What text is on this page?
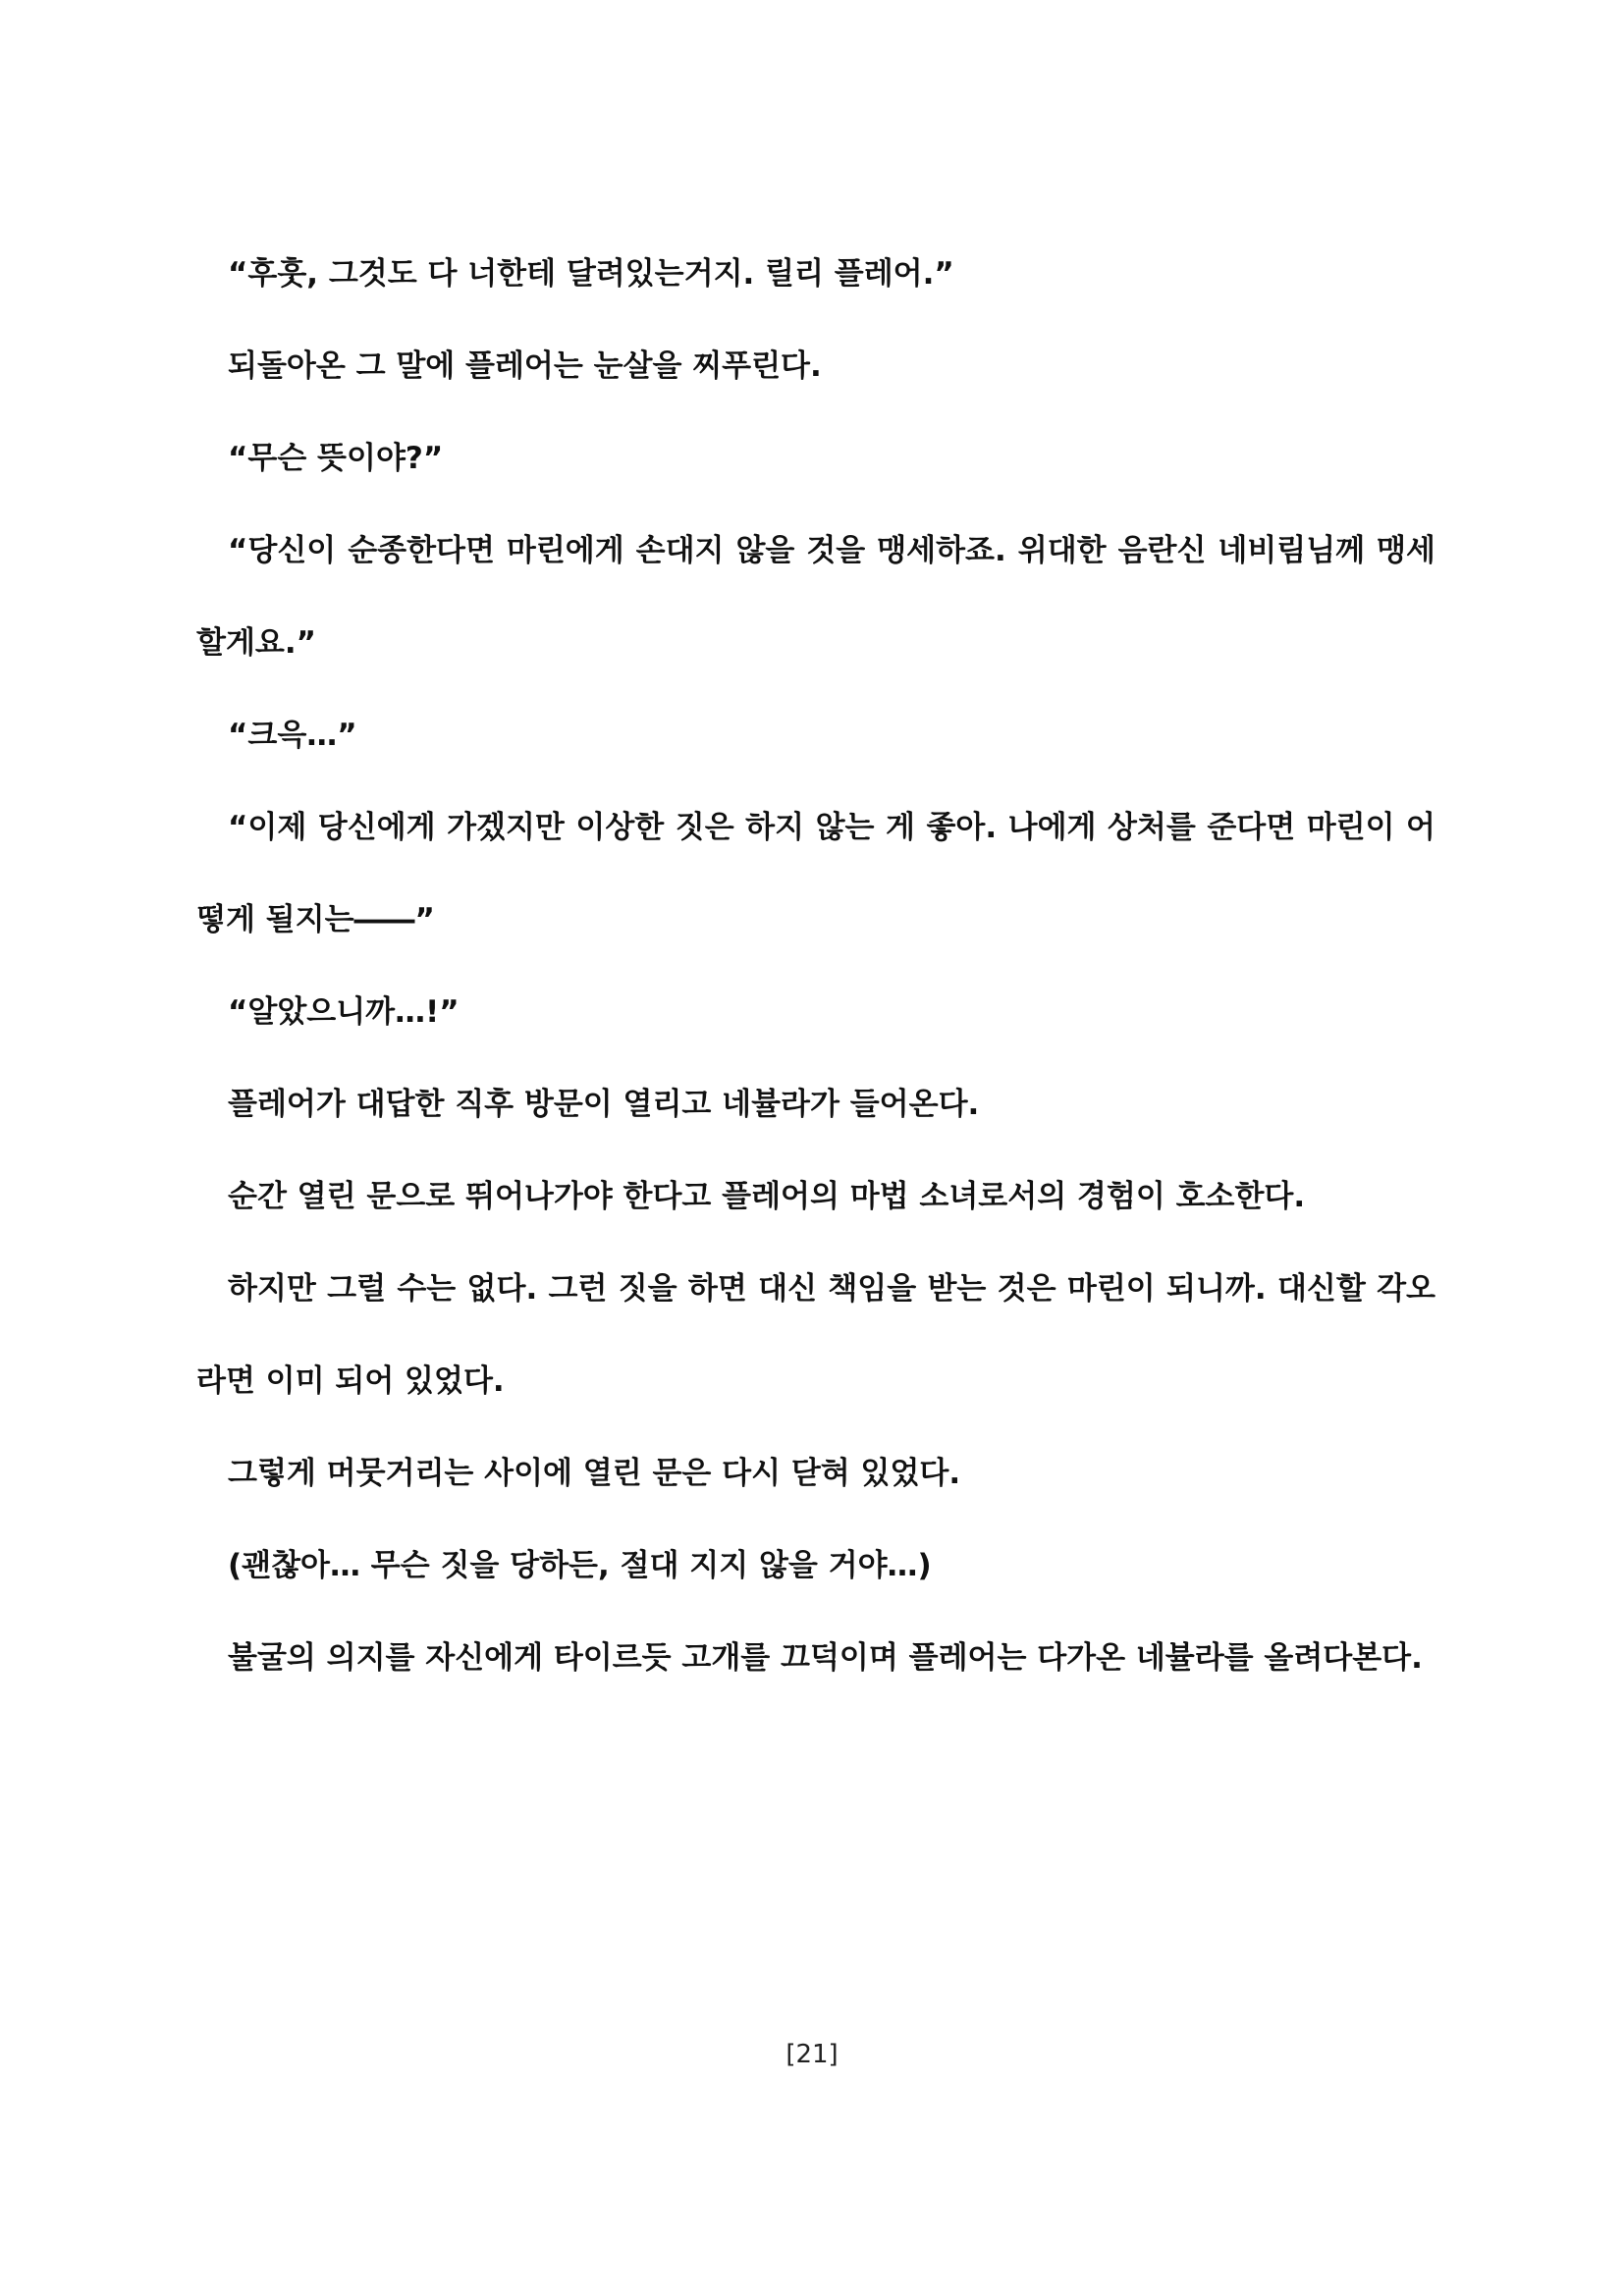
“후훗, 그것도 다 너한테 달려있는거지. 릴리 플레어.”

되돌아온 그 말에 플레어는 눈살을 찌푸린다.

“무슨 뜻이야?”

“당신이 순종한다면 마린에게 손대지 않을 것을 맹세하죠. 위대한 음란신 네비림님께 맹세할게요.”

“크윽…”

“이제 당신에게 가겠지만 이상한 짓은 하지 않는 게 좋아. 나에게 상처를 준다면 마린이 어떻게 될지는――”

“알았으니까…!”

플레어가 대답한 직후 방문이 열리고 네뷸라가 들어온다.

순간 열린 문으로 뛰어나가야 한다고 플레어의 마법 소녀로서의 경험이 호소한다.

하지만 그럴 수는 없다. 그런 짓을 하면 대신 책임을 받는 것은 마린이 되니까. 대신할 각오라면 이미 되어 있었다.

그렇게 머뭇거리는 사이에 열린 문은 다시 닫혀 있었다.

(괜찮아… 무슨 짓을 당하든, 절대 지지 않을 거야…)

불굴의 의지를 자신에게 타이르듯 고개를 끄덕이며 플레어는 다가온 네뷸라를 올려다본다.

[21]
